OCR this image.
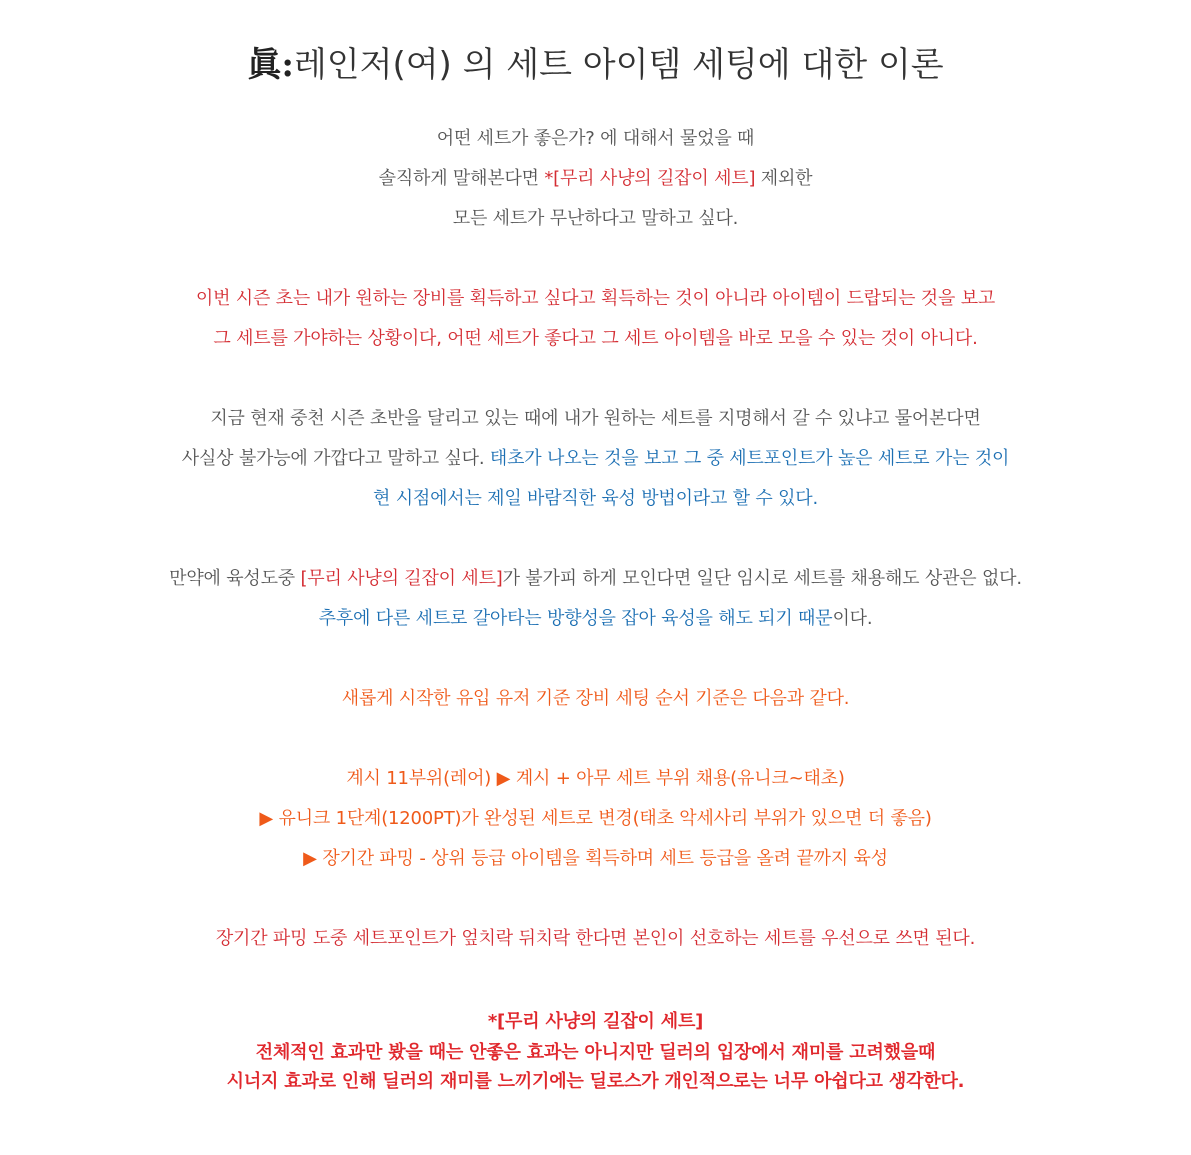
眞:레인저(여) 의 세트 아이템 세팅에 대한 이론
어떤 세트가 좋은가? 에 대해서 물었을 때
솔직하게 말해본다면 *[무리 사냥의 길잡이 세트] 제외한
모든 세트가 무난하다고 말하고 싶다.
이번 시즌 초는 내가 원하는 장비를 획득하고 싶다고 획득하는 것이 아니라 아이템이 드랍되는 것을 보고
그 세트를 가야하는 상황이다, 어떤 세트가 좋다고 그 세트 아이템을 바로 모을 수 있는 것이 아니다.
지금 현재 중천 시즌 초반을 달리고 있는 때에 내가 원하는 세트를 지명해서 갈 수 있냐고 물어본다면
사실상 불가능에 가깝다고 말하고 싶다. 태초가 나오는 것을 보고 그 중 세트포인트가 높은 세트로 가는 것이
현 시점에서는 제일 바람직한 육성 방법이라고 할 수 있다.
만약에 육성도중 [무리 사냥의 길잡이 세트]가 불가피 하게 모인다면 일단 임시로 세트를 채용해도 상관은 없다.
추후에 다른 세트로 갈아타는 방향성을 잡아 육성을 해도 되기 때문이다.
새롭게 시작한 유입 유저 기준 장비 세팅 순서 기준은 다음과 같다.
계시 11부위(레어) ▶ 계시 + 아무 세트 부위 채용(유니크~태초)
▶ 유니크 1단계(1200PT)가 완성된 세트로 변경(태초 악세사리 부위가 있으면 더 좋음)
▶ 장기간 파밍 - 상위 등급 아이템을 획득하며 세트 등급을 올려 끝까지 육성
장기간 파밍 도중 세트포인트가 엎치락 뒤치락 한다면 본인이 선호하는 세트를 우선으로 쓰면 된다.
*[무리 사냥의 길잡이 세트]
전체적인 효과만 봤을 때는 안좋은 효과는 아니지만 딜러의 입장에서 재미를 고려했을때
시너지 효과로 인해 딜러의 재미를 느끼기에는 딜로스가 개인적으로는 너무 아쉽다고 생각한다.
